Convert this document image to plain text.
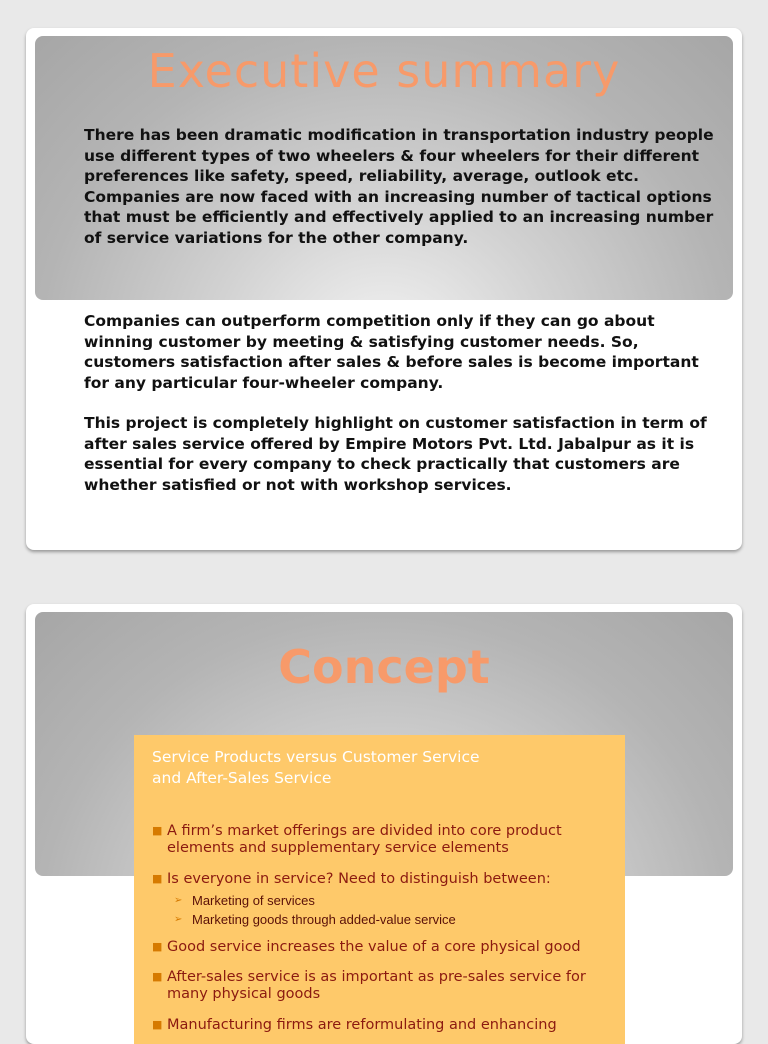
Executive summary

There has been dramatic modification in transportation industry people use different types of two wheelers & four wheelers for their different preferences like safety, speed, reliability, average, outlook etc. Companies are now faced with an increasing number of tactical options that must be efficiently and effectively applied to an increasing number of service variations for the other company.

Companies can outperform competition only if they can go about winning customer by meeting & satisfying customer needs. So, customers satisfaction after sales & before sales is become important for any particular four-wheeler company.

This project is completely highlight on customer satisfaction in term of after sales service offered by Empire Motors Pvt. Ltd. Jabalpur as it is essential for every company to check practically that customers are whether satisfied or not with workshop services.

Concept

Service Products versus Customer Service
and After-Sales Service

■ A firm’s market offerings are divided into core product elements and supplementary service elements
■ Is everyone in service? Need to distinguish between:
➢ Marketing of services
➢ Marketing goods through added-value service
■ Good service increases the value of a core physical good
■ After-sales service is as important as pre-sales service for many physical goods
■ Manufacturing firms are reformulating and enhancing
